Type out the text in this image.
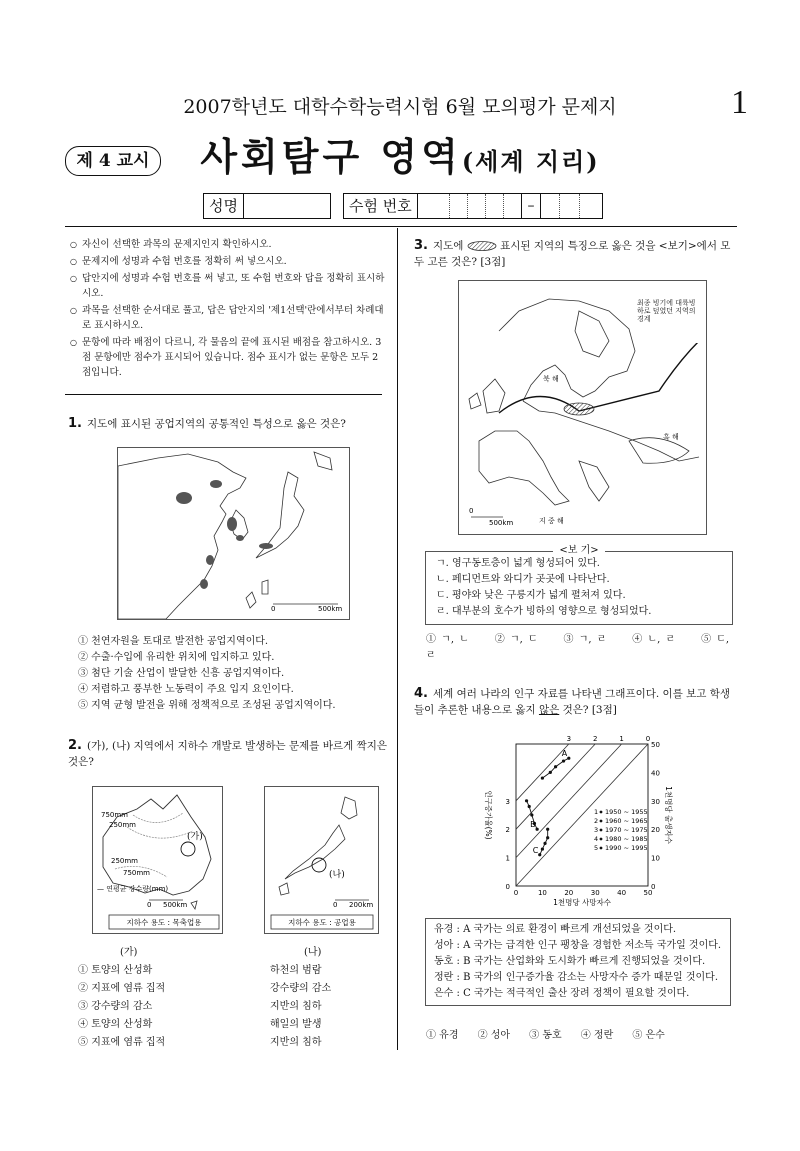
2007학년도 대학수학능력시험 6월 모의평가 문제지	1
제 4 교시	사회탐구 영역(세계 지리)
성명	수험 번호	–
○ 자신이 선택한 과목의 문제지인지 확인하시오.
○ 문제지에 성명과 수험 번호를 정확히 써 넣으시오.
○ 답안지에 성명과 수험 번호를 써 넣고, 또 수험 번호와 답을 정확히 표시하시오.
○ 과목을 선택한 순서대로 풀고, 답은 답안지의 '제1선택'란에서부터 차례대로 표시하시오.
○ 문항에 따라 배점이 다르니, 각 물음의 끝에 표시된 배점을 참고하시오. 3점 문항에만 점수가 표시되어 있습니다. 점수 표시가 없는 문항은 모두 2점입니다.
1. 지도에 표시된 공업지역의 공통적인 특성으로 옳은 것은?
0	500km
① 천연자원을 토대로 발전한 공업지역이다.
② 수출·수입에 유리한 위치에 입지하고 있다.
③ 첨단 기술 산업이 발달한 신흥 공업지역이다.
④ 저렴하고 풍부한 노동력이 주요 입지 요인이다.
⑤ 지역 균형 발전을 위해 정책적으로 조성된 공업지역이다.
2. (가), (나) 지역에서 지하수 개발로 발생하는 문제를 바르게 짝지은 것은?
750mm
250mm
250mm
750mm
(가)
— 연평균 강수량(mm)
0 500km
지하수 용도 : 목축업용
(나)
0 200km
지하수 용도 : 공업용
(가)	(나)
① 토양의 산성화	하천의 범람
② 지표에 염류 집적	강수량의 감소
③ 강수량의 감소	지반의 침하
④ 토양의 산성화	해일의 발생
⑤ 지표에 염류 집적	지반의 침하
3. 지도에	표시된 지역의 특징으로 옳은 것을 <보기>에서 모두 고른 것은? [3점]
최종 빙기에 대륙빙하로 덮였던 지역의 경계
북 해
흑 해
지 중 해
0
500km
<보 기>
ㄱ. 영구동토층이 넓게 형성되어 있다.
ㄴ. 페디먼트와 와디가 곳곳에 나타난다.
ㄷ. 평야와 낮은 구릉지가 넓게 펼쳐져 있다.
ㄹ. 대부분의 호수가 빙하의 영향으로 형성되었다.
① ㄱ, ㄴ	② ㄱ, ㄷ	③ ㄱ, ㄹ	④ ㄴ, ㄹ	⑤ ㄷ, ㄹ
4. 세계 여러 나라의 인구 자료를 나타낸 그래프이다. 이를 보고 학생들이 추론한 내용으로 옳지 않은 것은? [3점]
3	2	1	0
0	10 20 30 40 50
0
10
20
30
40
50
0
1
2
3
1천명당 사망자수
인구증가율(%)	1천명당 출생자수
A
B
C
1 1950 ~ 1955
2 1960 ~ 1965
3 1970 ~ 1975
4 1980 ~ 1985
5 1990 ~ 1995
유경 : A 국가는 의료 환경이 빠르게 개선되었을 것이다.
성아 : A 국가는 급격한 인구 팽창을 경험한 저소득 국가일 것이다.
동호 : B 국가는 산업화와 도시화가 빠르게 진행되었을 것이다.
정란 : B 국가의 인구증가율 감소는 사망자수 증가 때문일 것이다.
은수 : C 국가는 적극적인 출산 장려 정책이 필요할 것이다.
① 유경 ② 성아 ③ 동호 ④ 정란 ⑤ 은수
